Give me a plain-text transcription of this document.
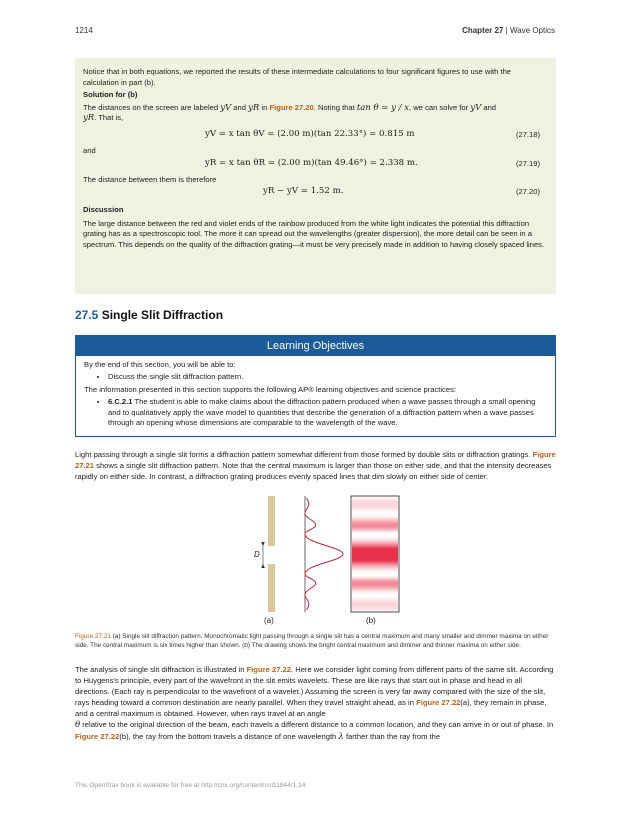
1214	Chapter 27 | Wave Optics

Notice that in both equations, we reported the results of these intermediate calculations to four significant figures to use with the calculation in part (b).

Solution for (b)

The distances on the screen are labeled yV and yR in Figure 27.20. Noting that tan θ = y / x, we can solve for yV and
yR. That is,

yV = x tan θV = (2.00 m)(tan 22.33°) = 0.815 m	(27.18)

and

yR = x tan θR = (2.00 m)(tan 49.46°) = 2.338 m.	(27.19)

The distance between them is therefore

yR − yV = 1.52 m.	(27.20)

Discussion

The large distance between the red and violet ends of the rainbow produced from the white light indicates the potential this diffraction grating has as a spectroscopic tool. The more it can spread out the wavelengths (greater dispersion), the more detail can be seen in a spectrum. This depends on the quality of the diffraction grating—it must be very precisely made in addition to having closely spaced lines.

27.5 Single Slit Diffraction
Learning Objectives

By the end of this section, you will be able to:

• Discuss the single slit diffraction pattern.

The information presented in this section supports the following AP® learning objectives and science practices:

• 6.C.2.1 The student is able to make claims about the diffraction pattern produced when a wave passes through a small opening and to qualitatively apply the wave model to quantities that describe the generation of a diffraction pattern when a wave passes through an opening whose dimensions are comparable to the wavelength of the wave.

Light passing through a single slit forms a diffraction pattern somewhat different from those formed by double slits or diffraction gratings. Figure 27.21 shows a single slit diffraction pattern. Note that the central maximum is larger than those on either side, and that the intensity decreases rapidly on either side. In contrast, a diffraction grating produces evenly spaced lines that dim slowly on either side of center.

D
(a)	(b)

Figure 27.21 (a) Single slit diffraction pattern. Monochromatic light passing through a single slit has a central maximum and many smaller and dimmer maxima on either side. The central maximum is six times higher than shown. (b) The drawing shows the bright central maximum and dimmer and thinner maxima on either side.

The analysis of single slit diffraction is illustrated in Figure 27.22. Here we consider light coming from different parts of the same slit. According to Huygens's principle, every part of the wavefront in the slit emits wavelets. These are like rays that start out in phase and head in all directions. (Each ray is perpendicular to the wavefront of a wavelet.) Assuming the screen is very far away compared with the size of the slit, rays heading toward a common destination are nearly parallel. When they travel straight ahead, as in Figure 27.22(a), they remain in phase, and a central maximum is obtained. However, when rays travel at an angle
θ relative to the original direction of the beam, each travels a different distance to a common location, and they can arrive in or out of phase. In Figure 27.22(b), the ray from the bottom travels a distance of one wavelength λ farther than the ray from the

This OpenStax book is available for free at http://cnx.org/content/col11844/1.14
